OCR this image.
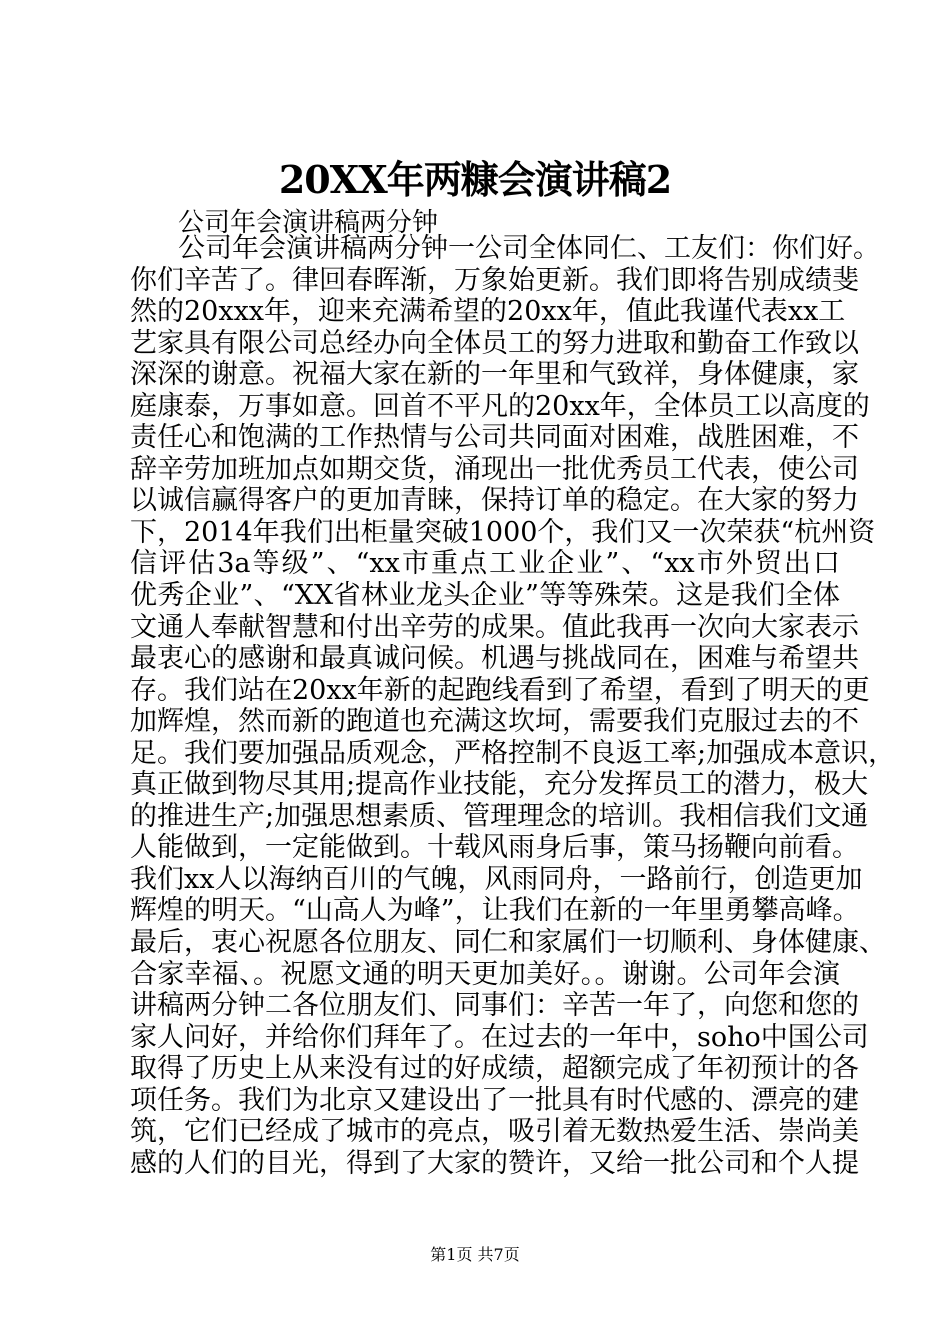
20XX年两糠会演讲稿2
公司年会演讲稿两分钟
公司年会演讲稿两分钟一公司全体同仁、工友们：你们好。
你们辛苦了。律回春晖渐，万象始更新。我们即将告别成绩斐
然的20xxx年，迎来充满希望的20xx年，值此我谨代表xx工
艺家具有限公司总经办向全体员工的努力进取和勤奋工作致以
深深的谢意。祝福大家在新的一年里和气致祥，身体健康，家
庭康泰，万事如意。回首不平凡的20xx年，全体员工以高度的
责任心和饱满的工作热情与公司共同面对困难，战胜困难，不
辞辛劳加班加点如期交货，涌现出一批优秀员工代表，使公司
以诚信赢得客户的更加青睐，保持订单的稳定。在大家的努力
下，2014年我们出柜量突破1000个，我们又一次荣获“杭州资
信评估3a等级”、“xx市重点工业企业”、“xx市外贸出口
优秀企业”、“XX省林业龙头企业”等等殊荣。这是我们全体
文通人奉献智慧和付出辛劳的成果。值此我再一次向大家表示
最衷心的感谢和最真诚问候。机遇与挑战同在，困难与希望共
存。我们站在20xx年新的起跑线看到了希望，看到了明天的更
加辉煌，然而新的跑道也充满这坎坷，需要我们克服过去的不
足。我们要加强品质观念，严格控制不良返工率;加强成本意识，
真正做到物尽其用;提高作业技能，充分发挥员工的潜力，极大
的推进生产;加强思想素质、管理理念的培训。我相信我们文通
人能做到，一定能做到。十载风雨身后事，策马扬鞭向前看。
我们xx人以海纳百川的气魄，风雨同舟，一路前行，创造更加
辉煌的明天。“山高人为峰”，让我们在新的一年里勇攀高峰。
最后，衷心祝愿各位朋友、同仁和家属们一切顺利、身体健康、
合家幸福、。祝愿文通的明天更加美好。。谢谢。公司年会演
讲稿两分钟二各位朋友们、同事们：辛苦一年了，向您和您的
家人问好，并给你们拜年了。在过去的一年中，soho中国公司
取得了历史上从来没有过的好成绩，超额完成了年初预计的各
项任务。我们为北京又建设出了一批具有时代感的、漂亮的建
筑，它们已经成了城市的亮点，吸引着无数热爱生活、崇尚美
感的人们的目光，得到了大家的赞许，又给一批公司和个人提
第1页 共7页
